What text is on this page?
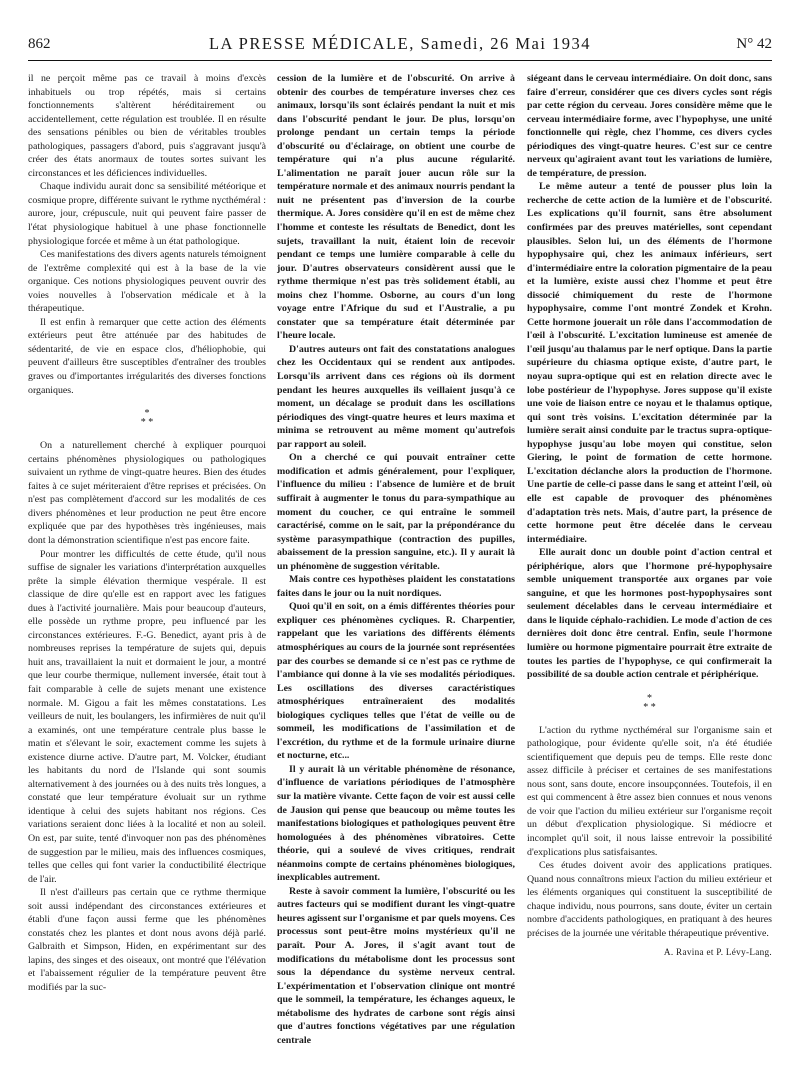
862	LA PRESSE MÉDICALE, Samedi, 26 Mai 1934	N° 42

il ne perçoit même pas ce travail à moins d'excès inhabituels ou trop répétés, mais si certains fonctionnements s'altèrent héréditairement ou accidentellement, cette régulation est troublée. Il en résulte des sensations pénibles ou bien de véritables troubles pathologiques, passagers d'abord, puis s'aggravant jusqu'à créer des états anormaux de toutes sortes suivant les circonstances et les déficiences individuelles.

Chaque individu aurait donc sa sensibilité météorique et cosmique propre, différente suivant le rythme nycthéméral : aurore, jour, crépuscule, nuit qui peuvent faire passer de l'état physiologique habituel à une phase fonctionnelle physiologique forcée et même à un état pathologique.

Ces manifestations des divers agents naturels témoignent de l'extrême complexité qui est à la base de la vie organique. Ces notions physiologiques peuvent ouvrir des voies nouvelles à l'observation médicale et à la thérapeutique.

Il est enfin à remarquer que cette action des éléments extérieurs peut être atténuée par des habitudes de sédentarité, de vie en espace clos, d'héliophobie, qui peuvent d'ailleurs être susceptibles d'entraîner des troubles graves ou d'importantes irrégularités des diverses fonctions organiques.

*
* *

On a naturellement cherché à expliquer pourquoi certains phénomènes physiologiques ou pathologiques suivaient un rythme de vingt-quatre heures. Bien des études faites à ce sujet mériteraient d'être reprises et précisées. On n'est pas complètement d'accord sur les modalités de ces divers phénomènes et leur production ne peut être encore expliquée que par des hypothèses très ingénieuses, mais dont la démonstration scientifique n'est pas encore faite.

Pour montrer les difficultés de cette étude, qu'il nous suffise de signaler les variations d'interprétation auxquelles prête la simple élévation thermique vespérale. Il est classique de dire qu'elle est en rapport avec les fatigues dues à l'activité journalière. Mais pour beaucoup d'auteurs, elle possède un rythme propre, peu influencé par les circonstances extérieures. F.-G. Benedict, ayant pris à de nombreuses reprises la température de sujets qui, depuis huit ans, travaillaient la nuit et dormaient le jour, a montré que leur courbe thermique, nullement inversée, était tout à fait comparable à celle de sujets menant une existence normale. M. Gigou a fait les mêmes constatations. Les veilleurs de nuit, les boulangers, les infirmières de nuit qu'il a examinés, ont une température centrale plus basse le matin et s'élevant le soir, exactement comme les sujets à existence diurne active. D'autre part, M. Volcker, étudiant les habitants du nord de l'Islande qui sont soumis alternativement à des journées ou à des nuits très longues, a constaté que leur température évoluait sur un rythme identique à celui des sujets habitant nos régions. Ces variations seraient donc liées à la localité et non au soleil. On est, par suite, tenté d'invoquer non pas des phénomènes de suggestion par le milieu, mais des influences cosmiques, telles que celles qui font varier la conductibilité électrique de l'air.

Il n'est d'ailleurs pas certain que ce rythme thermique soit aussi indépendant des circonstances extérieures et établi d'une façon aussi ferme que les phénomènes constatés chez les plantes et dont nous avons déjà parlé. Galbraith et Simpson, Hiden, en expérimentant sur des lapins, des singes et des oiseaux, ont montré que l'élévation et l'abaissement régulier de la température peuvent être modifiés par la suc-

cession de la lumière et de l'obscurité. On arrive à obtenir des courbes de température inverses chez ces animaux, lorsqu'ils sont éclairés pendant la nuit et mis dans l'obscurité pendant le jour. De plus, lorsqu'on prolonge pendant un certain temps la période d'obscurité ou d'éclairage, on obtient une courbe de température qui n'a plus aucune régularité. L'alimentation ne paraît jouer aucun rôle sur la température normale et des animaux nourris pendant la nuit ne présentent pas d'inversion de la courbe thermique. A. Jores considère qu'il en est de même chez l'homme et conteste les résultats de Benedict, dont les sujets, travaillant la nuit, étaient loin de recevoir pendant ce temps une lumière comparable à celle du jour. D'autres observateurs considèrent aussi que le rythme thermique n'est pas très solidement établi, au moins chez l'homme. Osborne, au cours d'un long voyage entre l'Afrique du sud et l'Australie, a pu constater que sa température était déterminée par l'heure locale.

D'autres auteurs ont fait des constatations analogues chez les Occidentaux qui se rendent aux antipodes. Lorsqu'ils arrivent dans ces régions où ils dorment pendant les heures auxquelles ils veillaient jusqu'à ce moment, un décalage se produit dans les oscillations périodiques des vingt-quatre heures et leurs maxima et minima se retrouvent au même moment qu'autrefois par rapport au soleil.

On a cherché ce qui pouvait entraîner cette modification et admis généralement, pour l'expliquer, l'influence du milieu : l'absence de lumière et de bruit suffirait à augmenter le tonus du para-sympathique au moment du coucher, ce qui entraîne le sommeil caractérisé, comme on le sait, par la prépondérance du système parasympathique (contraction des pupilles, abaissement de la pression sanguine, etc.). Il y aurait là un phénomène de suggestion véritable.

Mais contre ces hypothèses plaident les constatations faites dans le jour ou la nuit nordiques.

Quoi qu'il en soit, on a émis différentes théories pour expliquer ces phénomènes cycliques. R. Charpentier, rappelant que les variations des différents éléments atmosphériques au cours de la journée sont représentées par des courbes se demande si ce n'est pas ce rythme de l'ambiance qui donne à la vie ses modalités périodiques. Les oscillations des diverses caractéristiques atmosphériques entraîneraient des modalités biologiques cycliques telles que l'état de veille ou de sommeil, les modifications de l'assimilation et de l'excrétion, du rythme et de la formule urinaire diurne et nocturne, etc...

Il y aurait là un véritable phénomène de résonance, d'influence de variations périodiques de l'atmosphère sur la matière vivante. Cette façon de voir est aussi celle de Jausion qui pense que beaucoup ou même toutes les manifestations biologiques et pathologiques peuvent être homologuées à des phénomènes vibratoires. Cette théorie, qui a soulevé de vives critiques, rendrait néanmoins compte de certains phénomènes biologiques, inexplicables autrement.

Reste à savoir comment la lumière, l'obscurité ou les autres facteurs qui se modifient durant les vingt-quatre heures agissent sur l'organisme et par quels moyens. Ces processus sont peut-être moins mystérieux qu'il ne paraît. Pour A. Jores, il s'agit avant tout de modifications du métabolisme dont les processus sont sous la dépendance du système nerveux central. L'expérimentation et l'observation clinique ont montré que le sommeil, la température, les échanges aqueux, le métabolisme des hydrates de carbone sont régis ainsi que d'autres fonctions végétatives par une régulation centrale

siégeant dans le cerveau intermédiaire. On doit donc, sans faire d'erreur, considérer que ces divers cycles sont régis par cette région du cerveau. Jores considère même que le cerveau intermédiaire forme, avec l'hypophyse, une unité fonctionnelle qui règle, chez l'homme, ces divers cycles périodiques des vingt-quatre heures. C'est sur ce centre nerveux qu'agiraient avant tout les variations de lumière, de température, de pression.

Le même auteur a tenté de pousser plus loin la recherche de cette action de la lumière et de l'obscurité. Les explications qu'il fournit, sans être absolument confirmées par des preuves matérielles, sont cependant plausibles. Selon lui, un des éléments de l'hormone hypophysaire qui, chez les animaux inférieurs, sert d'intermédiaire entre la coloration pigmentaire de la peau et la lumière, existe aussi chez l'homme et peut être dissocié chimiquement du reste de l'hormone hypophysaire, comme l'ont montré Zondek et Krohn. Cette hormone jouerait un rôle dans l'accommodation de l'œil à l'obscurité. L'excitation lumineuse est amenée de l'œil jusqu'au thalamus par le nerf optique. Dans la partie supérieure du chiasma optique existe, d'autre part, le noyau supra-optique qui est en relation directe avec le lobe postérieur de l'hypophyse. Jores suppose qu'il existe une voie de liaison entre ce noyau et le thalamus optique, qui sont très voisins. L'excitation déterminée par la lumière serait ainsi conduite par le tractus supra-optique-hypophyse jusqu'au lobe moyen qui constitue, selon Giering, le point de formation de cette hormone. L'excitation déclanche alors la production de l'hormone. Une partie de celle-ci passe dans le sang et atteint l'œil, où elle est capable de provoquer des phénomènes d'adaptation très nets. Mais, d'autre part, la présence de cette hormone peut être décelée dans le cerveau intermédiaire.

Elle aurait donc un double point d'action central et périphérique, alors que l'hormone pré-hypophysaire semble uniquement transportée aux organes par voie sanguine, et que les hormones post-hypophysaires sont seulement décelables dans le cerveau intermédiaire et dans le liquide céphalo-rachidien. Le mode d'action de ces dernières doit donc être central. Enfin, seule l'hormone lumière ou hormone pigmentaire pourrait être extraite de toutes les parties de l'hypophyse, ce qui confirmerait la possibilité de sa double action centrale et périphérique.

*
* *

L'action du rythme nycthéméral sur l'organisme sain et pathologique, pour évidente qu'elle soit, n'a été étudiée scientifiquement que depuis peu de temps. Elle reste donc assez difficile à préciser et certaines de ses manifestations nous sont, sans doute, encore insoupçonnées. Toutefois, il en est qui commencent à être assez bien connues et nous venons de voir que l'action du milieu extérieur sur l'organisme reçoit un début d'explication physiologique. Si médiocre et incomplet qu'il soit, il nous laisse entrevoir la possibilité d'explications plus satisfaisantes.

Ces études doivent avoir des applications pratiques. Quand nous connaîtrons mieux l'action du milieu extérieur et les éléments organiques qui constituent la susceptibilité de chaque individu, nous pourrons, sans doute, éviter un certain nombre d'accidents pathologiques, en pratiquant à des heures précises de la journée une véritable thérapeutique préventive.

A. Ravina et P. Lévy-Lang.
